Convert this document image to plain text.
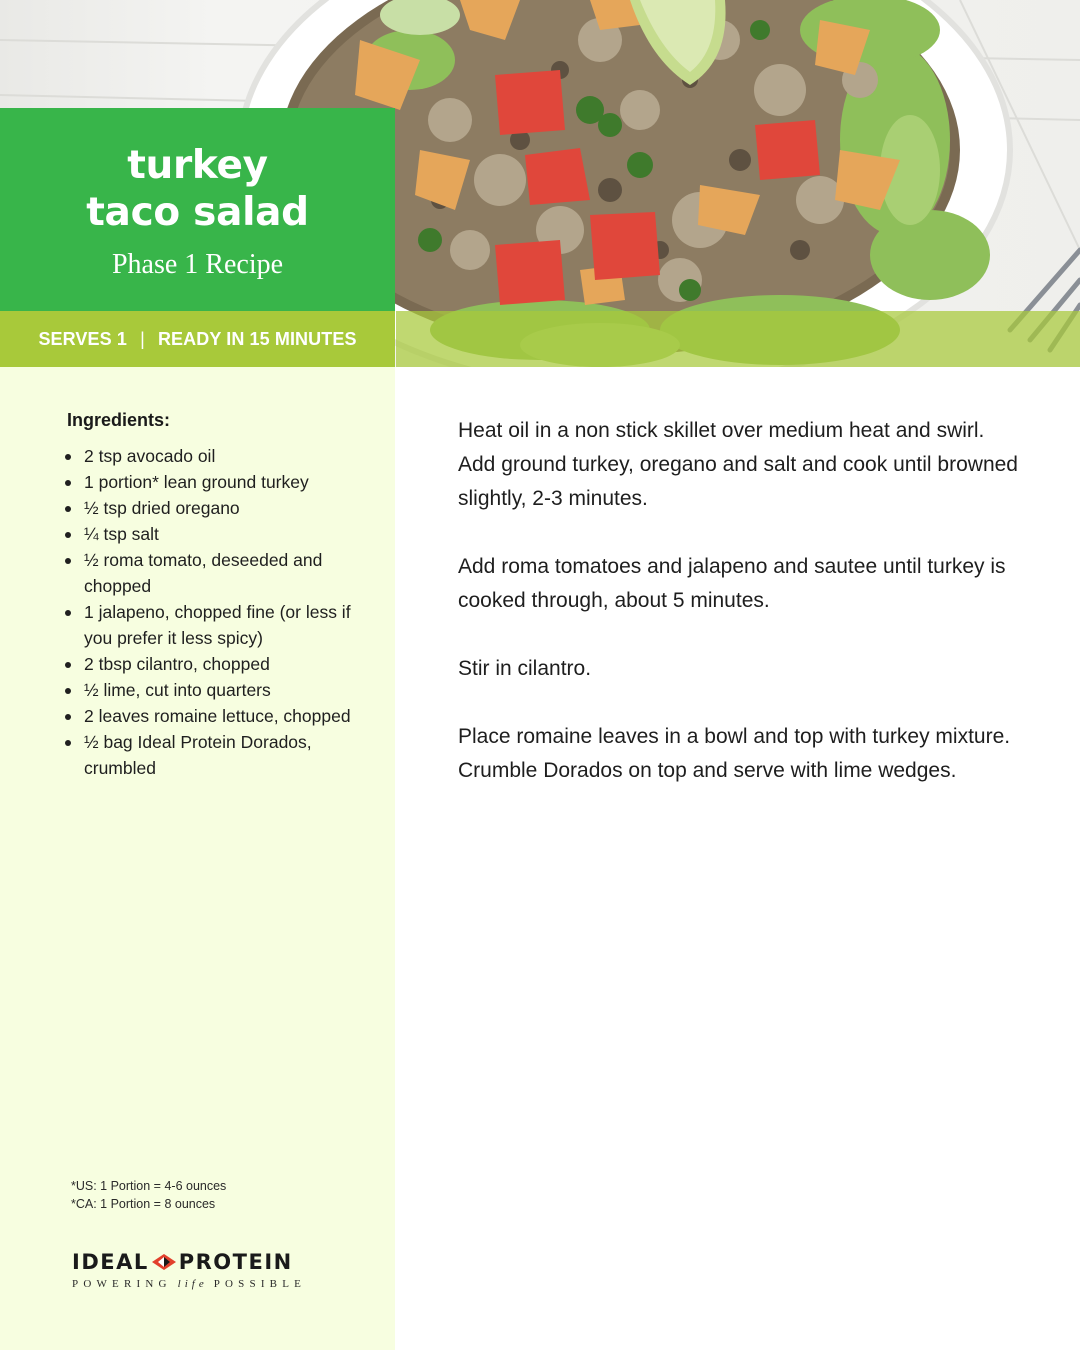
turkey
taco salad
Phase 1 Recipe
SERVES 1 | READY IN 15 MINUTES
Ingredients:
2 tsp avocado oil
1 portion* lean ground turkey
½ tsp dried oregano
¼ tsp salt
½ roma tomato, deseeded and chopped
1 jalapeno, chopped fine (or less if you prefer it less spicy)
2 tbsp cilantro, chopped
½ lime, cut into quarters
2 leaves romaine lettuce, chopped
½ bag Ideal Protein Dorados, crumbled
*US: 1 Portion = 4-6 ounces
*CA: 1 Portion = 8 ounces
IDEAL PROTEIN
POWERING life POSSIBLE

Heat oil in a non stick skillet over medium heat and swirl. Add ground turkey, oregano and salt and cook until browned slightly, 2-3 minutes.

Add roma tomatoes and jalapeno and sautee until turkey is cooked through, about 5 minutes.

Stir in cilantro.

Place romaine leaves in a bowl and top with turkey mixture. Crumble Dorados on top and serve with lime wedges.
